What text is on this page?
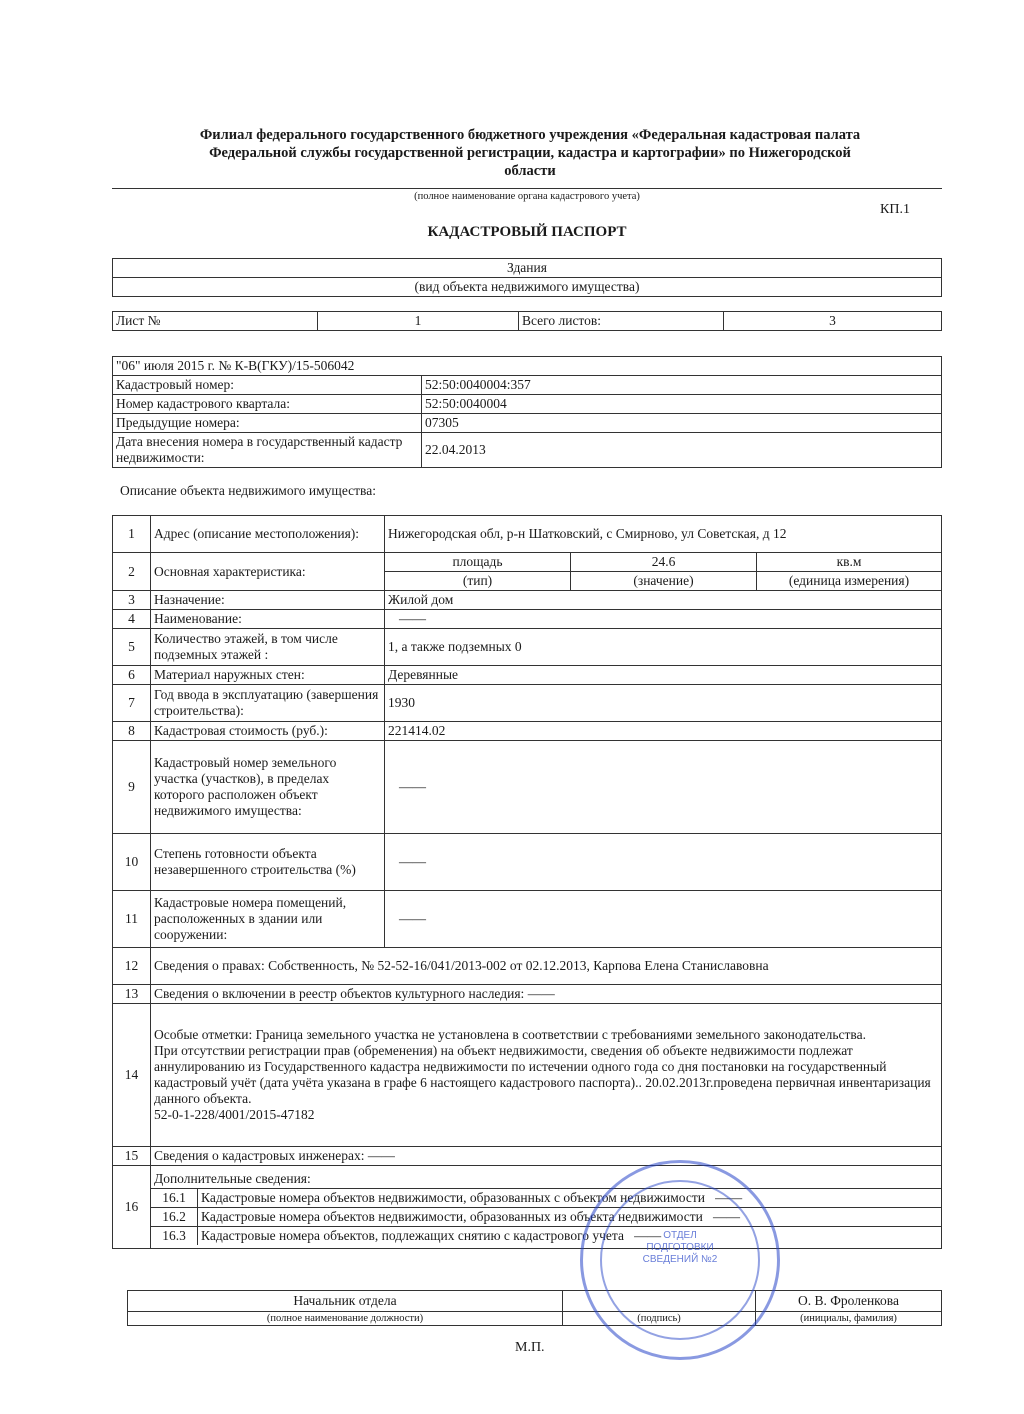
Филиал федерального государственного бюджетного учреждения «Федеральная кадастровая палата
Федеральной службы государственной регистрации, кадастра и картографии» по Нижегородской
области
(полное наименование органа кадастрового учета)
КП.1
КАДАСТРОВЫЙ ПАСПОРТ
Здания
(вид объекта недвижимого имущества)
Лист №	1	Всего листов:	3
"06" июля 2015 г. № К-В(ГКУ)/15-506042	
Кадастровый номер:	52:50:0040004:357
Номер кадастрового квартала:	52:50:0040004
Предыдущие номера:	07305
Дата внесения номера в государственный кадастр недвижимости:	22.04.2013
Описание объекта недвижимого имущества:
1	Адрес (описание местоположения):	Нижегородская обл, р-н Шатковский, с Смирново, ул Советская, д 12
2	Основная характеристика:	площадь	24.6	кв.м
(тип)	(значение)	(единица измерения)
3	Назначение:	Жилой дом
4	Наименование:	——
5	Количество этажей, в том числе подземных этажей :	1, а также подземных 0
6	Материал наружных стен:	Деревянные
7	Год ввода в эксплуатацию (завершения строительства):	1930
8	Кадастровая стоимость (руб.):	221414.02
9	Кадастровый номер земельного участка (участков), в пределах которого расположен объект недвижимого имущества:	——
10	Степень готовности объекта незавершенного строительства (%)	——
11	Кадастровые номера помещений, расположенных в здании или сооружении:	——
12	Сведения о правах: Собственность, № 52-52-16/041/2013-002 от 02.12.2013, Карпова Елена Станиславовна
13	Сведения о включении в реестр объектов культурного наследия: ——
14	
Особые отметки: Граница земельного участка не установлена в соответствии с требованиями земельного законодательства.
При отсутствии регистрации прав (обременения) на объект недвижимости, сведения об объекте недвижимости подлежат аннулированию из Государственного кадастра недвижимости по истечении одного года со дня постановки на государственный кадастровый учёт (дата учёта указана в графе 6 настоящего кадастрового паспорта).. 20.02.2013г.проведена первичная инвентаризация данного объекта.
52-0-1-228/4001/2015-47182

15	Сведения о кадастровых инженерах: ——
16	
Дополнительные сведения:
16.1	Кадастровые номера объектов недвижимости, образованных с объектом недвижимости ——
16.2	Кадастровые номера объектов недвижимости, образованных из объекта недвижимости ——
16.3	Кадастровые номера объектов, подлежащих снятию с кадастрового учета ——
Начальник отдела		О. В. Фроленкова
(полное наименование должности)	(подпись)	(инициалы, фамилия)
М.П.
ОТДЕЛ
ПОДГОТОВКИ
СВЕДЕНИЙ №2
